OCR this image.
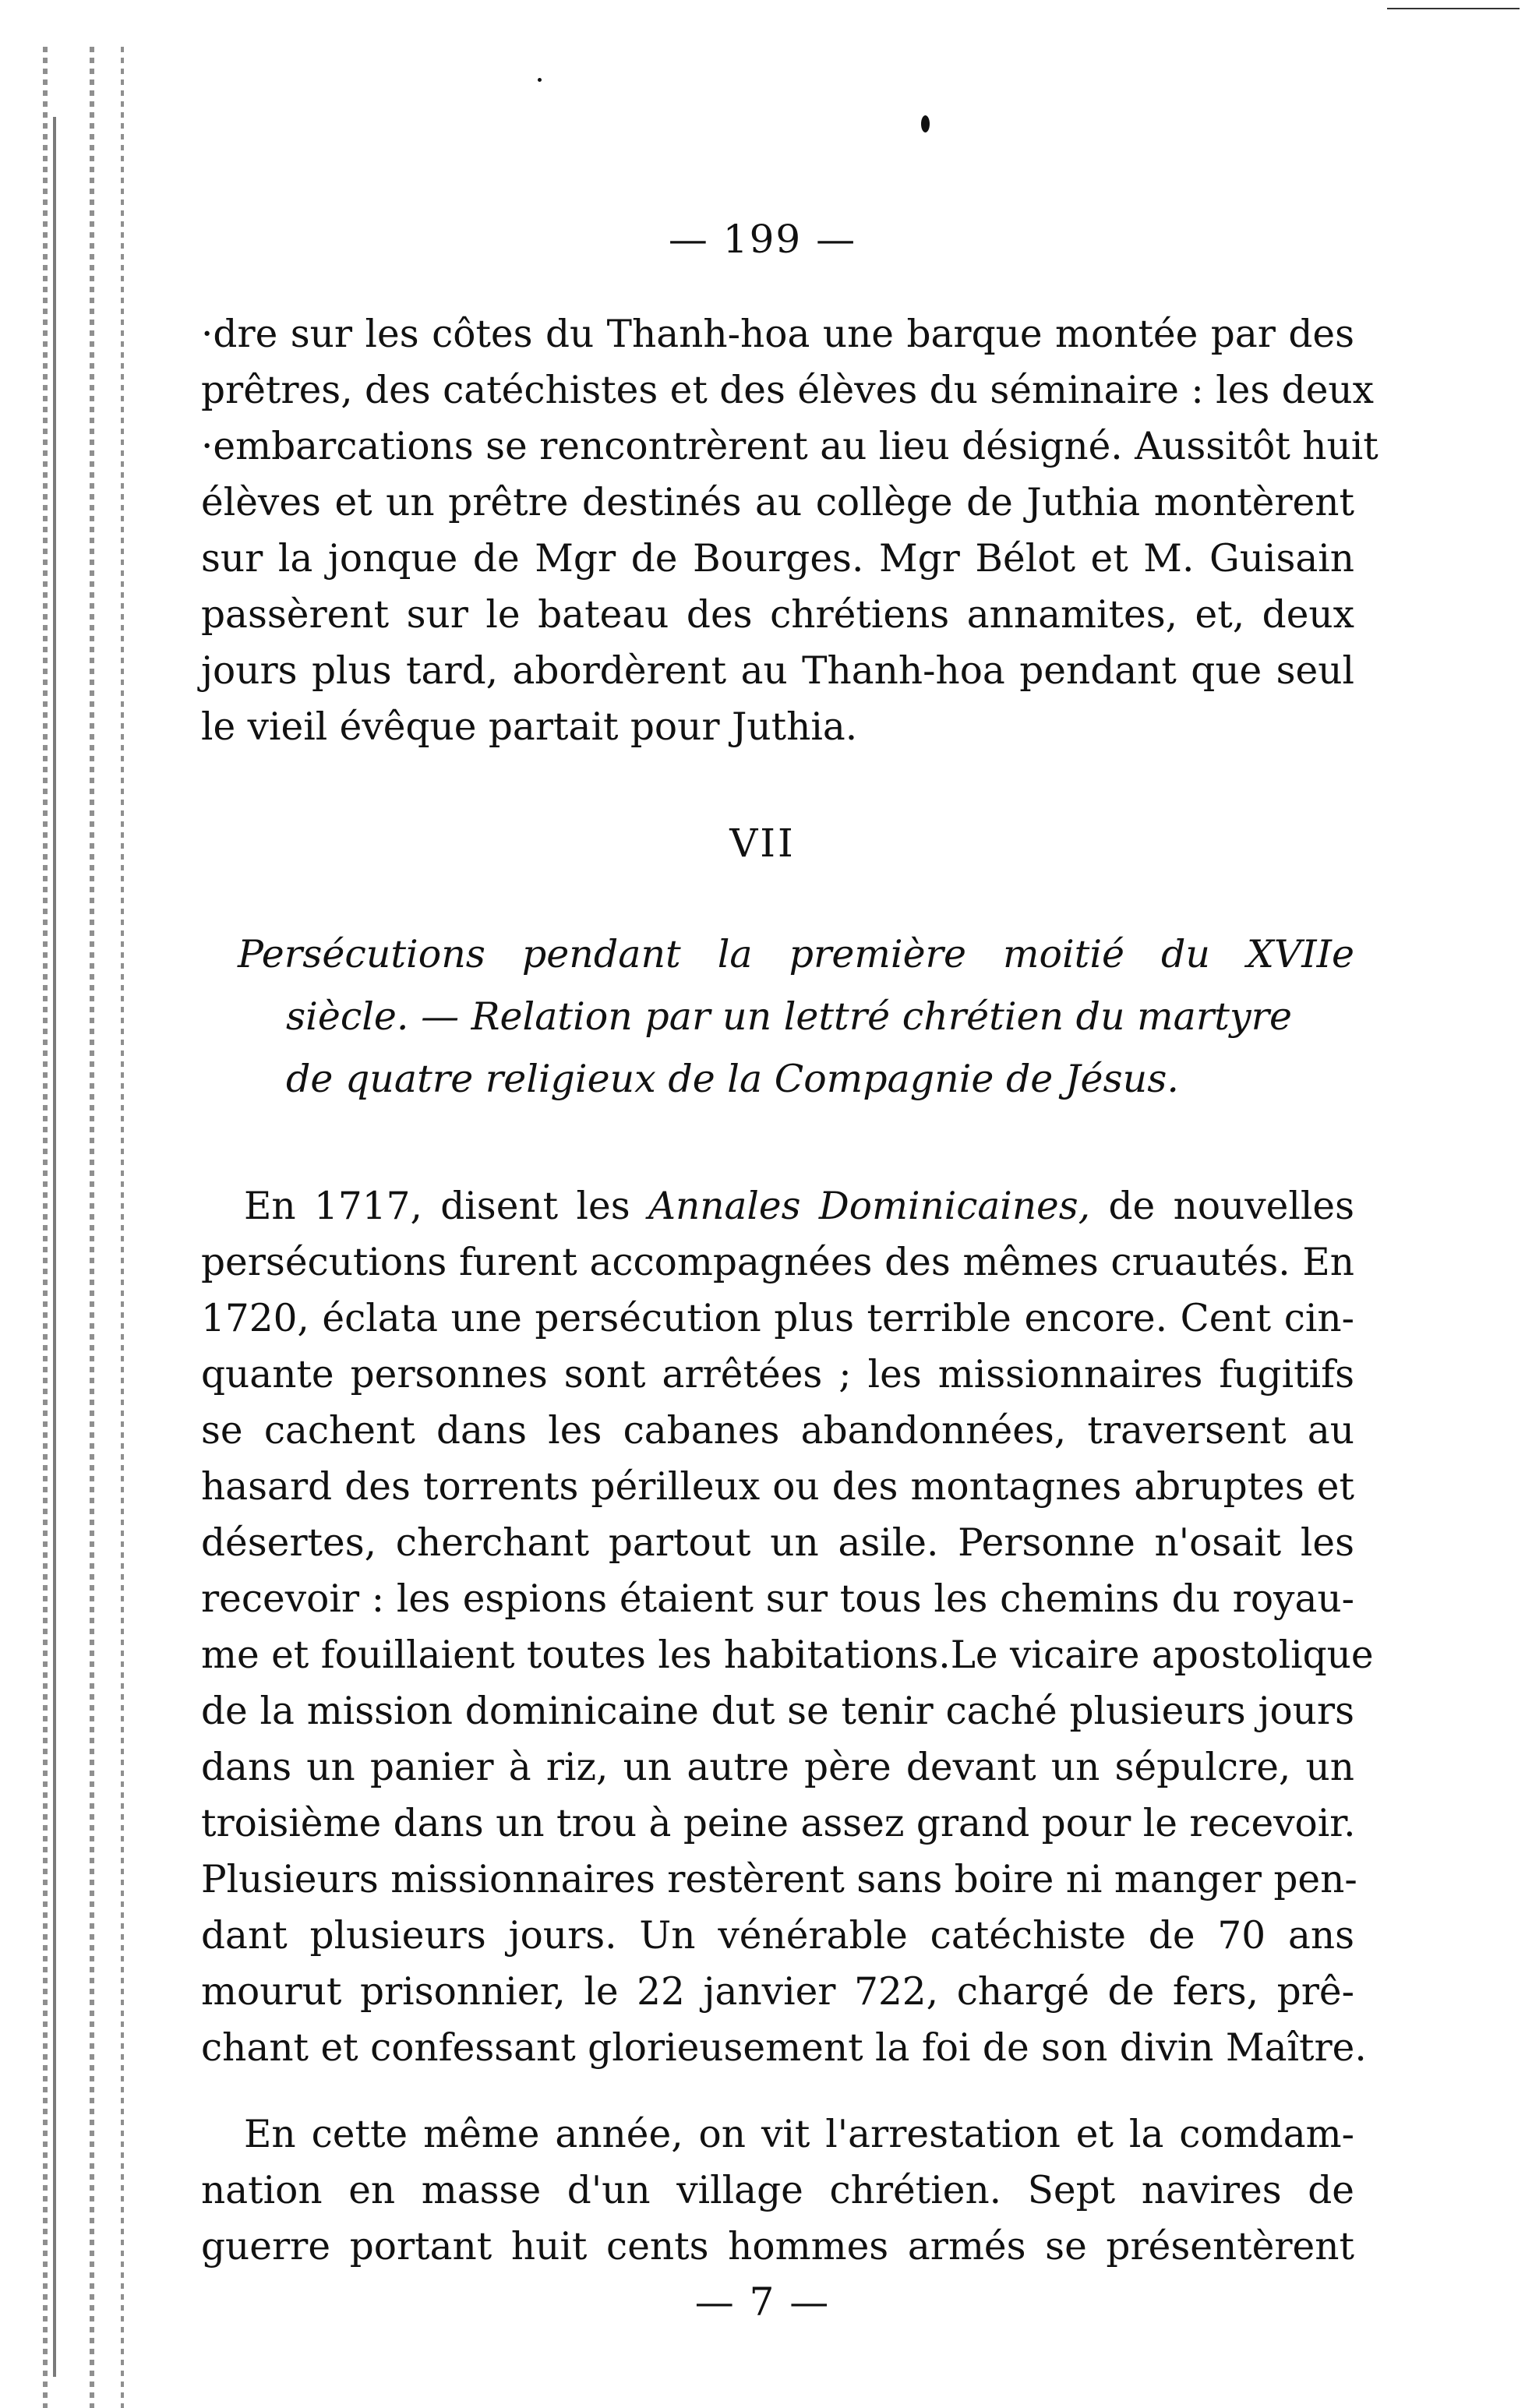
— 199 —
·dre sur les côtes du Thanh-hoa une barque montée par des
prêtres, des catéchistes et des élèves du séminaire : les deux
·embarcations se rencontrèrent au lieu désigné. Aussitôt huit
élèves et un prêtre destinés au collège de Juthia montèrent
sur la jonque de Mgr de Bourges. Mgr Bélot et M. Guisain
passèrent sur le bateau des chrétiens annamites, et, deux
jours plus tard, abordèrent au Thanh-hoa pendant que seul
le vieil évêque partait pour Juthia.
VII
Persécutions pendant la première moitié du XVIIe
siècle. — Relation par un lettré chrétien du martyre
de quatre religieux de la Compagnie de Jésus.
En 1717, disent les Annales Dominicaines, de nouvelles
persécutions furent accompagnées des mêmes cruautés. En
1720, éclata une persécution plus terrible encore. Cent cin-
quante personnes sont arrêtées ; les missionnaires fugitifs
se cachent dans les cabanes abandonnées, traversent au
hasard des torrents périlleux ou des montagnes abruptes et
désertes, cherchant partout un asile. Personne n'osait les
recevoir : les espions étaient sur tous les chemins du royau-
me et fouillaient toutes les habitations.Le vicaire apostolique
de la mission dominicaine dut se tenir caché plusieurs jours
dans un panier à riz, un autre père devant un sépulcre, un
troisième dans un trou à peine assez grand pour le recevoir.
Plusieurs missionnaires restèrent sans boire ni manger pen-
dant plusieurs jours. Un vénérable catéchiste de 70 ans
mourut prisonnier, le 22 janvier 722, chargé de fers, prê-
chant et confessant glorieusement la foi de son divin Maître.
En cette même année, on vit l'arrestation et la comdam-
nation en masse d'un village chrétien. Sept navires de
guerre portant huit cents hommes armés se présentèrent
— 7 —
